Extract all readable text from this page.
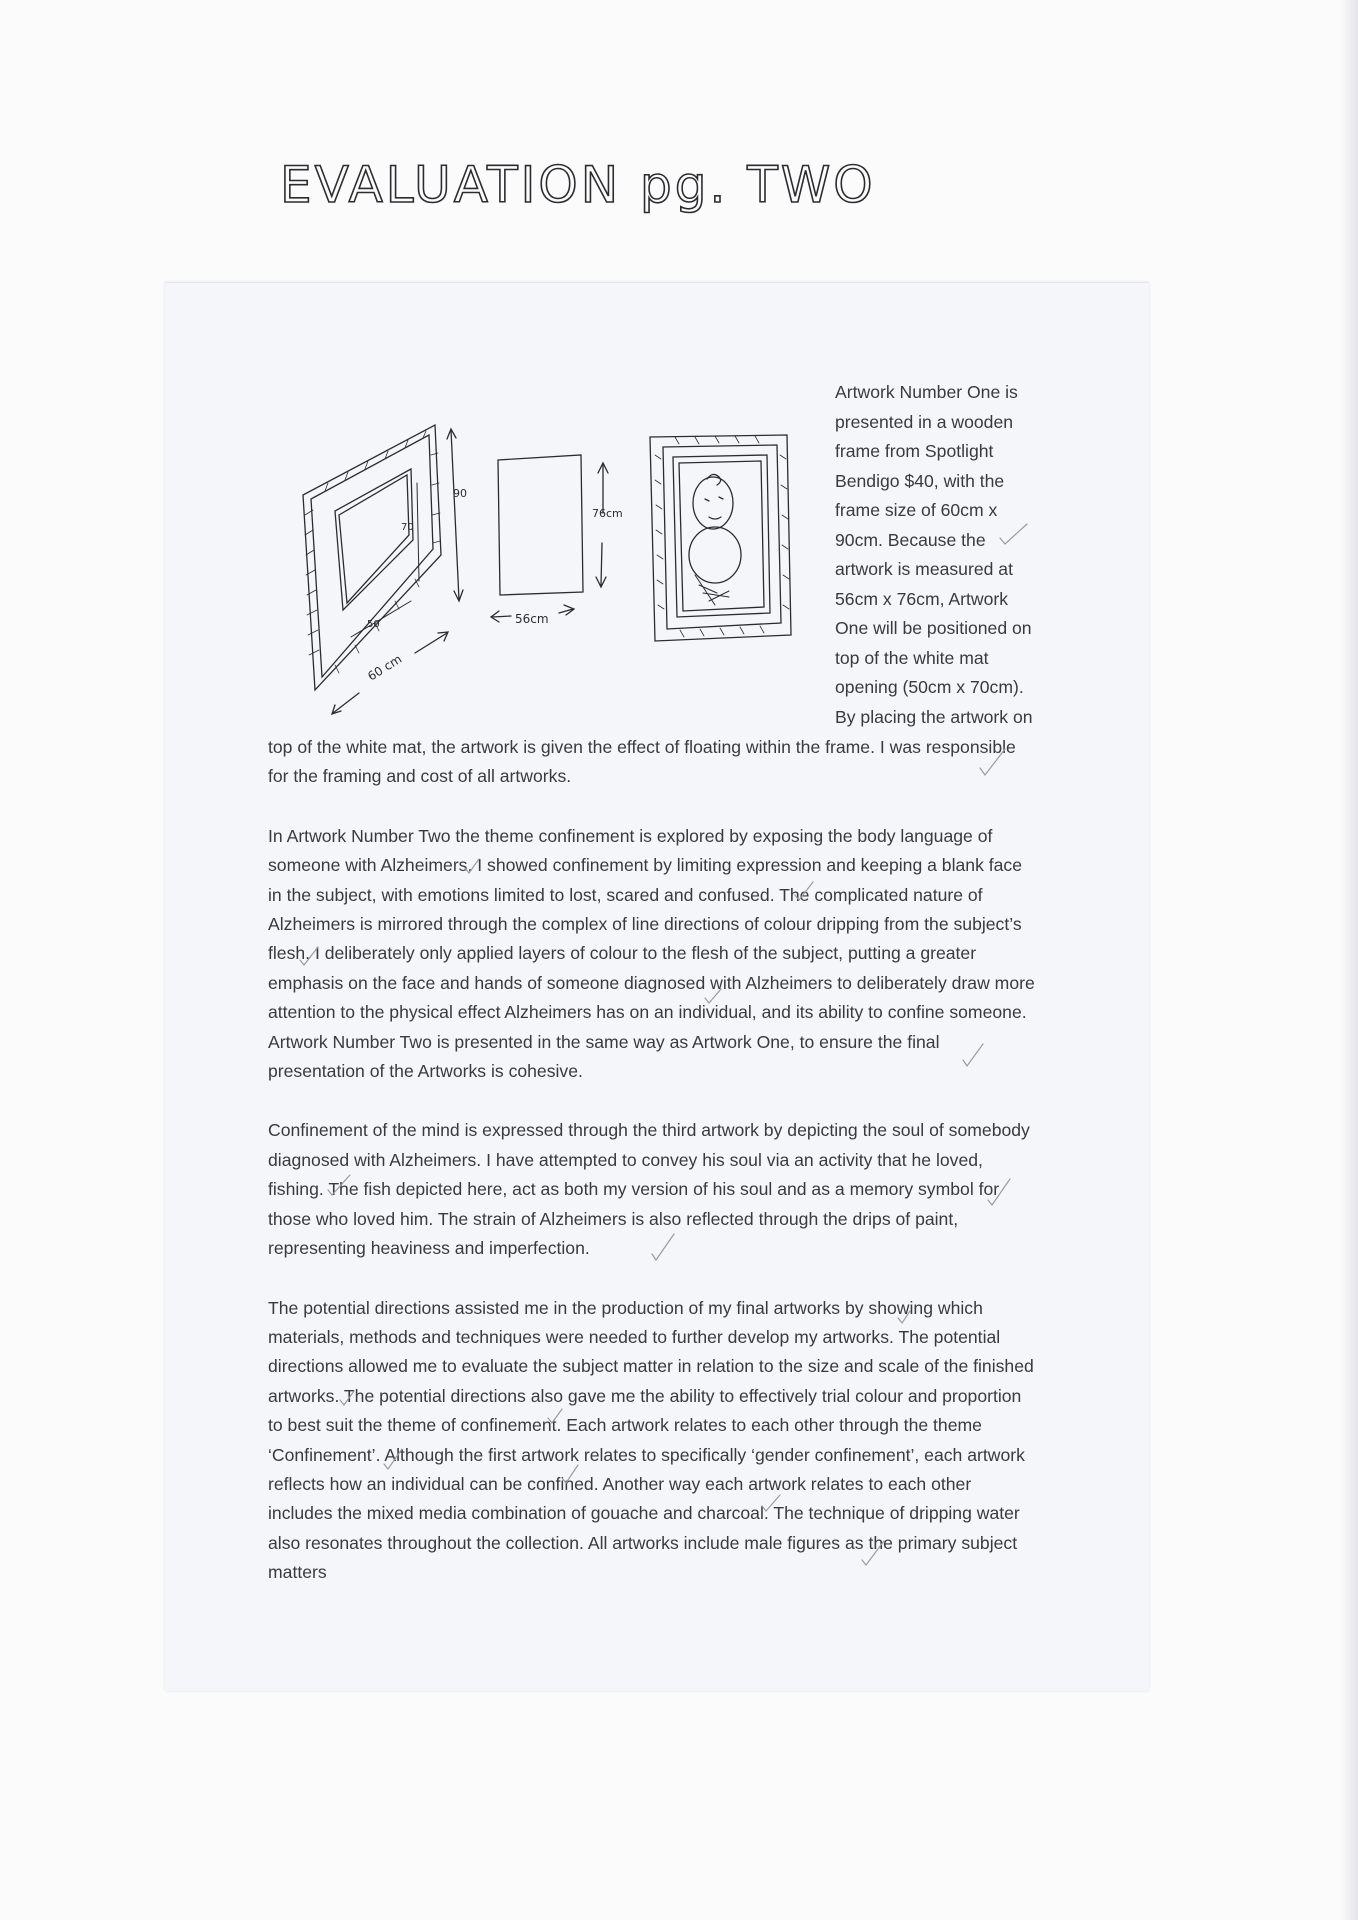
EVALUATION pg. TWO
90
70
50
60 cm
76cm
56cm
Artwork Number One is
presented in a wooden
frame from Spotlight
Bendigo $40, with the
frame size of 60cm x
90cm. Because the
artwork is measured at
56cm x 76cm, Artwork
One will be positioned on
top of the white mat
opening (50cm x 70cm).
By placing the artwork on
top of the white mat, the artwork is given the effect of floating within the frame. I was responsible
for the framing and cost of all artworks.
In Artwork Number Two the theme confinement is explored by exposing the body language of
someone with Alzheimers. I showed confinement by limiting expression and keeping a blank face
in the subject, with emotions limited to lost, scared and confused. The complicated nature of
Alzheimers is mirrored through the complex of line directions of colour dripping from the subject’s
flesh. I deliberately only applied layers of colour to the flesh of the subject, putting a greater
emphasis on the face and hands of someone diagnosed with Alzheimers to deliberately draw more
attention to the physical effect Alzheimers has on an individual, and its ability to confine someone.
Artwork Number Two is presented in the same way as Artwork One, to ensure the final
presentation of the Artworks is cohesive.
Confinement of the mind is expressed through the third artwork by depicting the soul of somebody
diagnosed with Alzheimers. I have attempted to convey his soul via an activity that he loved,
fishing. The fish depicted here, act as both my version of his soul and as a memory symbol for
those who loved him. The strain of Alzheimers is also reflected through the drips of paint,
representing heaviness and imperfection.
The potential directions assisted me in the production of my final artworks by showing which
materials, methods and techniques were needed to further develop my artworks. The potential
directions allowed me to evaluate the subject matter in relation to the size and scale of the finished
artworks. The potential directions also gave me the ability to effectively trial colour and proportion
to best suit the theme of confinement. Each artwork relates to each other through the theme
‘Confinement’. Although the first artwork relates to specifically ‘gender confinement’, each artwork
reflects how an individual can be confined. Another way each artwork relates to each other
includes the mixed media combination of gouache and charcoal. The technique of dripping water
also resonates throughout the collection. All artworks include male figures as the primary subject
matters
